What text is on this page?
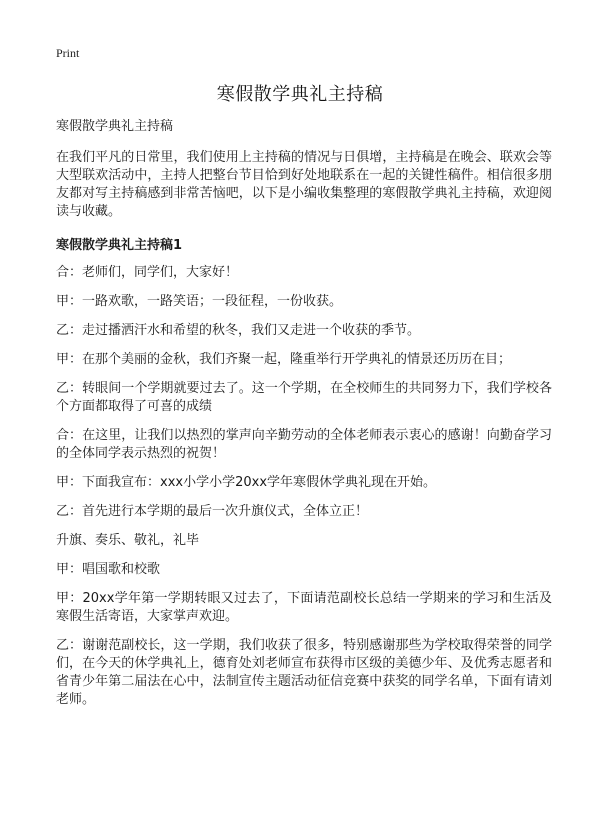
Print
寒假散学典礼主持稿

寒假散学典礼主持稿

在我们平凡的日常里，我们使用上主持稿的情况与日俱增，主持稿是在晚会、联欢会等大型联欢活动中，主持人把整台节目恰到好处地联系在一起的关键性稿件。相信很多朋友都对写主持稿感到非常苦恼吧，以下是小编收集整理的寒假散学典礼主持稿，欢迎阅读与收藏。

寒假散学典礼主持稿1

合：老师们，同学们，大家好！

甲：一路欢歌，一路笑语；一段征程，一份收获。

乙：走过播洒汗水和希望的秋冬，我们又走进一个收获的季节。

甲：在那个美丽的金秋，我们齐聚一起，隆重举行开学典礼的情景还历历在目；

乙：转眼间一个学期就要过去了。这一个学期，在全校师生的共同努力下，我们学校各个方面都取得了可喜的成绩

合：在这里，让我们以热烈的掌声向辛勤劳动的全体老师表示衷心的感谢！向勤奋学习的全体同学表示热烈的祝贺！

甲：下面我宣布：xxx小学小学20xx学年寒假休学典礼现在开始。

乙：首先进行本学期的最后一次升旗仪式，全体立正！

升旗、奏乐、敬礼，礼毕

甲：唱国歌和校歌

甲：20xx学年第一学期转眼又过去了，下面请范副校长总结一学期来的学习和生活及寒假生活寄语，大家掌声欢迎。

乙：谢谢范副校长，这一学期，我们收获了很多，特别感谢那些为学校取得荣誉的同学们，在今天的休学典礼上，德育处刘老师宣布获得市区级的美德少年、及优秀志愿者和省青少年第二届法在心中，法制宣传主题活动征信竞赛中获奖的同学名单，下面有请刘老师。
